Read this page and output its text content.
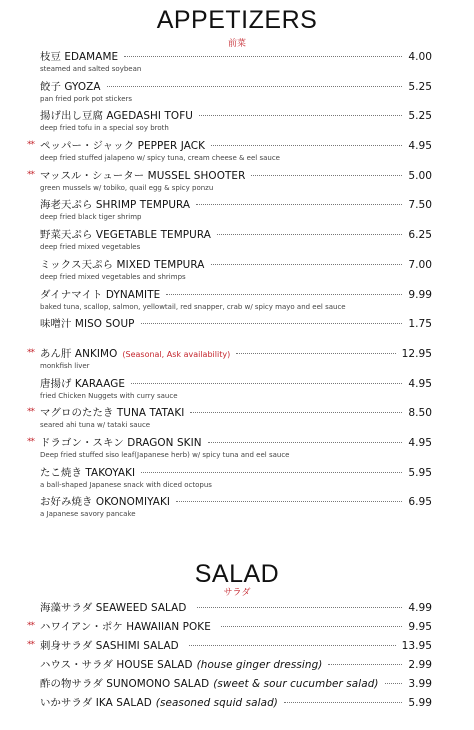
APPETIZERS
前菜
枝豆 EDAMAME	4.00
steamed and salted soybean
餃子 GYOZA	5.25
pan fried pork pot stickers
揚げ出し豆腐 AGEDASHI TOFU	5.25
deep fried tofu in a special soy broth
** ペッパー・ジャック PEPPER JACK	4.95
deep fried stuffed jalapeno w/ spicy tuna, cream cheese & eel sauce
** マッスル・シューター MUSSEL SHOOTER	5.00
green mussels w/ tobiko, quail egg & spicy ponzu
海老天ぷら SHRIMP TEMPURA	7.50
deep fried black tiger shrimp
野菜天ぷら VEGETABLE TEMPURA	6.25
deep fried mixed vegetables
ミックス天ぷら MIXED TEMPURA	7.00
deep fried mixed vegetables and shrimps
ダイナマイト DYNAMITE	9.99
baked tuna, scallop, salmon, yellowtail, red snapper, crab w/ spicy mayo and eel sauce
味噌汁 MISO SOUP	1.75
** あん肝 ANKIMO (Seasonal, Ask availability)	12.95
monkfish liver
唐揚げ KARAAGE	4.95
fried Chicken Nuggets with curry sauce
** マグロのたたき TUNA TATAKI	8.50
seared ahi tuna w/ tataki sauce
** ドラゴン・スキン DRAGON SKIN	4.95
Deep fried stuffed siso leaf(Japanese herb) w/ spicy tuna and eel sauce
たこ焼き TAKOYAKI	5.95
a ball-shaped Japanese snack with diced octopus
お好み焼き OKONOMIYAKI	6.95
a Japanese savory pancake
SALAD
サラダ
海藻サラダ SEAWEED SALAD	4.99
** ハワイアン・ポケ HAWAIIAN POKE	9.95
** 刺身サラダ SASHIMI SALAD	13.95
ハウス・サラダ HOUSE SALAD (house ginger dressing)	2.99
酢の物サラダ SUNOMONO SALAD (sweet & sour cucumber salad)	3.99
いかサラダ IKA SALAD (seasoned squid salad)	5.99
